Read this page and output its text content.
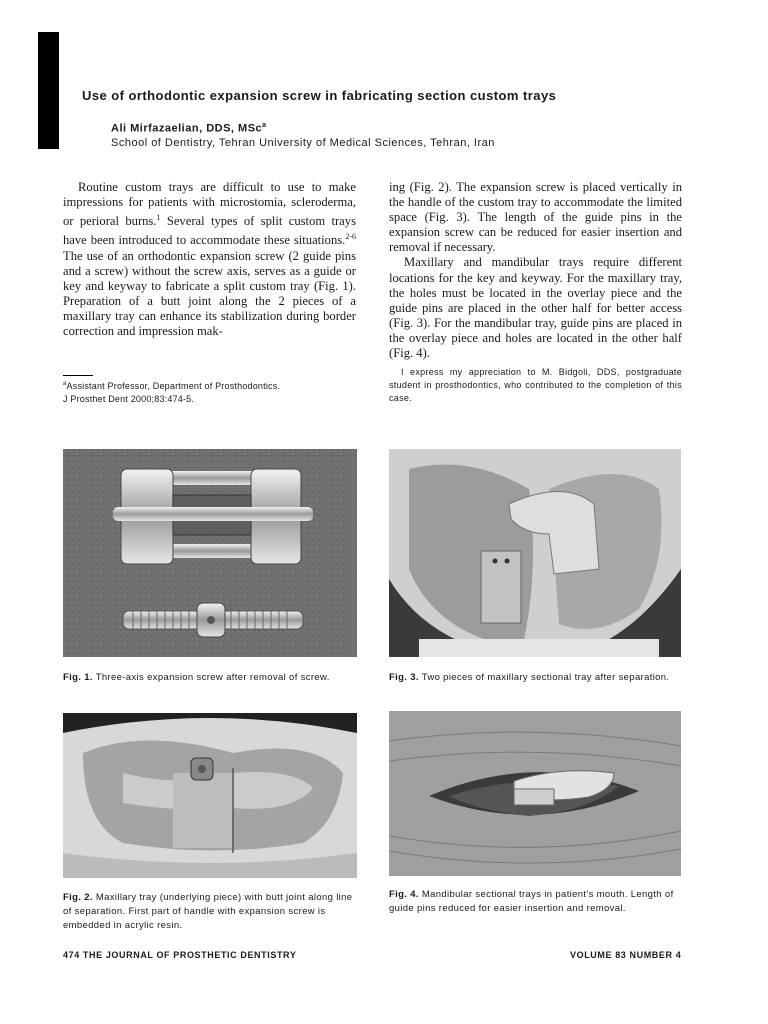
Use of orthodontic expansion screw in fabricating section custom trays
Ali Mirfazaelian, DDS, MSc$^a$
School of Dentistry, Tehran University of Medical Sciences, Tehran, Iran

Routine custom trays are difficult to use to make impressions for patients with microstomia, scleroderma, or perioral burns.$^1$ Several types of split custom trays have been introduced to accommodate these situations.$^{2-6}$ The use of an orthodontic expansion screw (2 guide pins and a screw) without the screw axis, serves as a guide or key and keyway to fabricate a split custom tray (Fig. 1). Preparation of a butt joint along the 2 pieces of a maxillary tray can enhance its stabilization during border correction and impression mak-

ing (Fig. 2). The expansion screw is placed vertically in the handle of the custom tray to accommodate the limited space (Fig. 3). The length of the guide pins in the expansion screw can be reduced for easier insertion and removal if necessary.

Maxillary and mandibular trays require different locations for the key and keyway. For the maxillary tray, the holes must be located in the overlay piece and the guide pins are placed in the other half for better access (Fig. 3). For the mandibular tray, guide pins are placed in the overlay piece and holes are located in the other half (Fig. 4).

$^a$Assistant Professor, Department of Prosthodontics.
J Prosthet Dent 2000;83:474-5.
I express my appreciation to M. Bidgoli, DDS, postgraduate student in prosthodontics, who contributed to the completion of this case.
Fig. 1. Three-axis expansion screw after removal of screw.	Fig. 3. Two pieces of maxillary sectional tray after separation.
Fig. 2. Maxillary tray (underlying piece) with butt joint along line of separation. First part of handle with expansion screw is embedded in acrylic resin.
Fig. 4. Mandibular sectional trays in patient's mouth. Length of guide pins reduced for easier insertion and removal.
474 THE JOURNAL OF PROSTHETIC DENTISTRY	VOLUME 83 NUMBER 4
